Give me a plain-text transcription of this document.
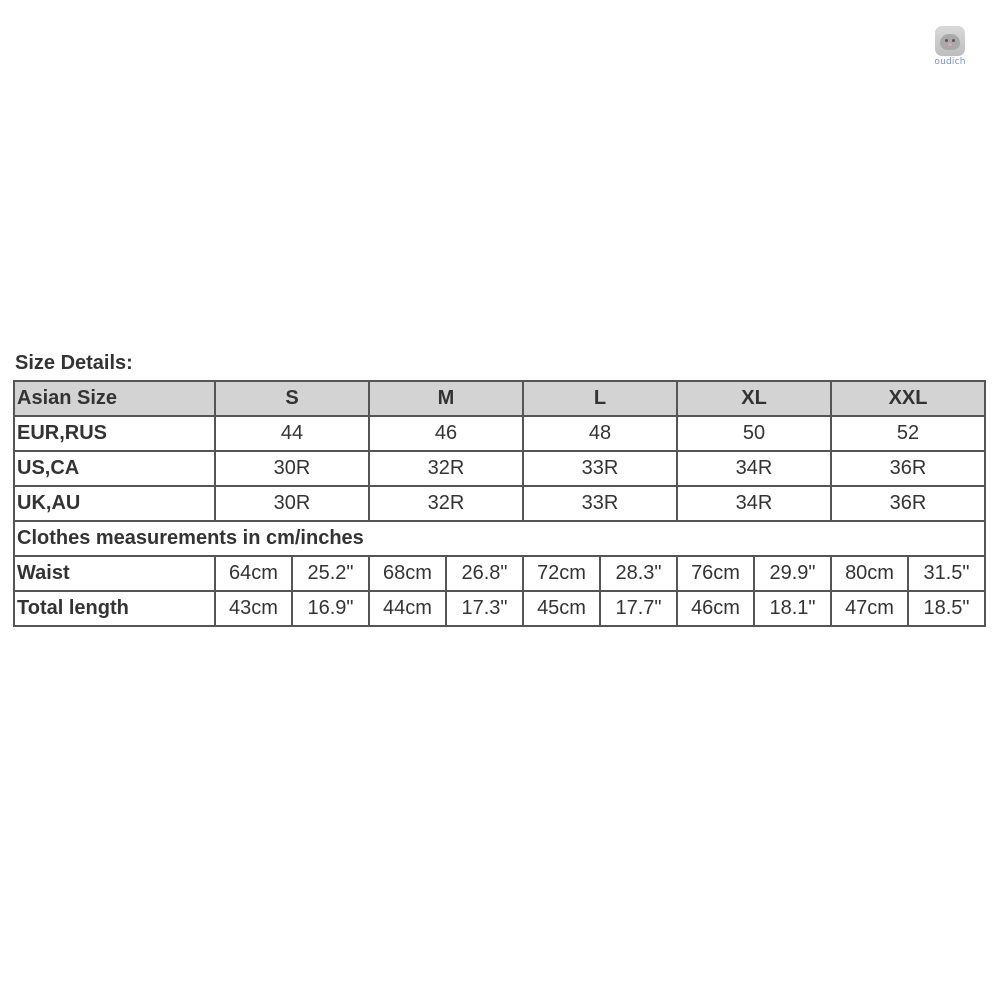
oudich
Size Details:
Asian Size	S		M		L		XL		XXL	
EUR,RUS	44		46		48		50		52	
US,CA	30R		32R		33R		34R		36R	
UK,AU	30R		32R		33R		34R		36R	
Clothes measurements in cm/inches										
Waist	64cm	25.2"	68cm	26.8"	72cm	28.3"	76cm	29.9"	80cm	31.5"
Total length	43cm	16.9"	44cm	17.3"	45cm	17.7"	46cm	18.1"	47cm	18.5"
